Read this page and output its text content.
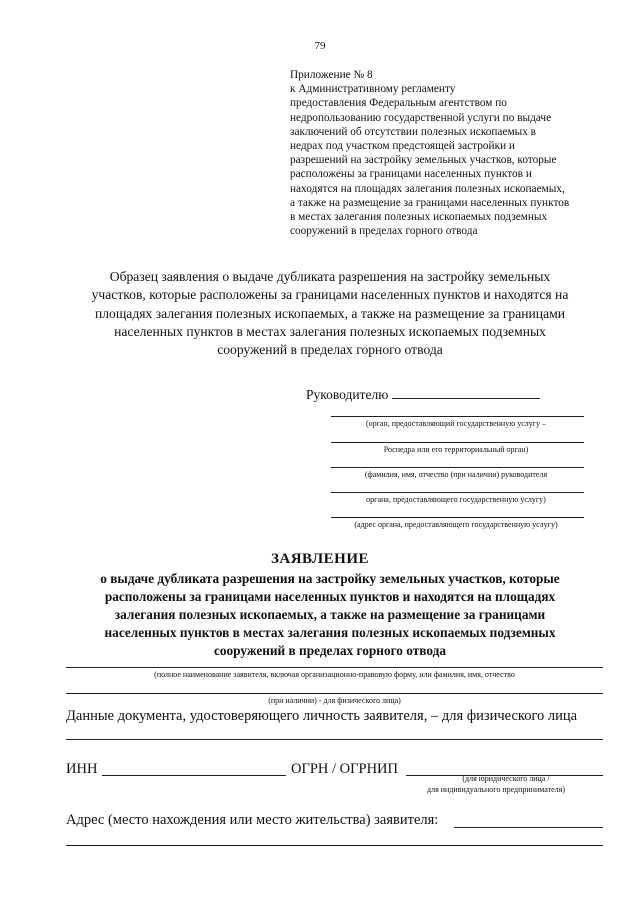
79
Приложение № 8
к Административному регламенту
предоставления Федеральным агентством по
недропользованию государственной услуги по выдаче
заключений об отсутствии полезных ископаемых в
недрах под участком предстоящей застройки и
разрешений на застройку земельных участков, которые
расположены за границами населенных пунктов и
находятся на площадях залегания полезных ископаемых,
а также на размещение за границами населенных пунктов
в местах залегания полезных ископаемых подземных
сооружений в пределах горного отвода
Образец заявления о выдаче дубликата разрешения на застройку земельных
участков, которые расположены за границами населенных пунктов и находятся на
площадях залегания полезных ископаемых, а также на размещение за границами
населенных пунктов в местах залегания полезных ископаемых подземных
сооружений в пределах горного отвода
Руководителю
(орган, предоставляющий государственную услугу –
Роснедра или его территориальный орган)
(фамилия, имя, отчество (при наличии) руководителя
органа, предоставляющего государственную услугу)
(адрес органа, предоставляющего государственную услугу)
ЗАЯВЛЕНИЕ
о выдаче дубликата разрешения на застройку земельных участков, которые
расположены за границами населенных пунктов и находятся на площадях
залегания полезных ископаемых, а также на размещение за границами
населенных пунктов в местах залегания полезных ископаемых подземных
сооружений в пределах горного отвода
(полное наименование заявителя, включая организационно-правовую форму, или фамилия, имя, отчество
(при наличии) - для физического лица)
Данные документа, удостоверяющего личность заявителя, – для физического лица
ИНН	ОГРН / ОГРНИП
(для юридического лица /
для индивидуального предпринимателя)
Адрес (место нахождения или место жительства) заявителя:
